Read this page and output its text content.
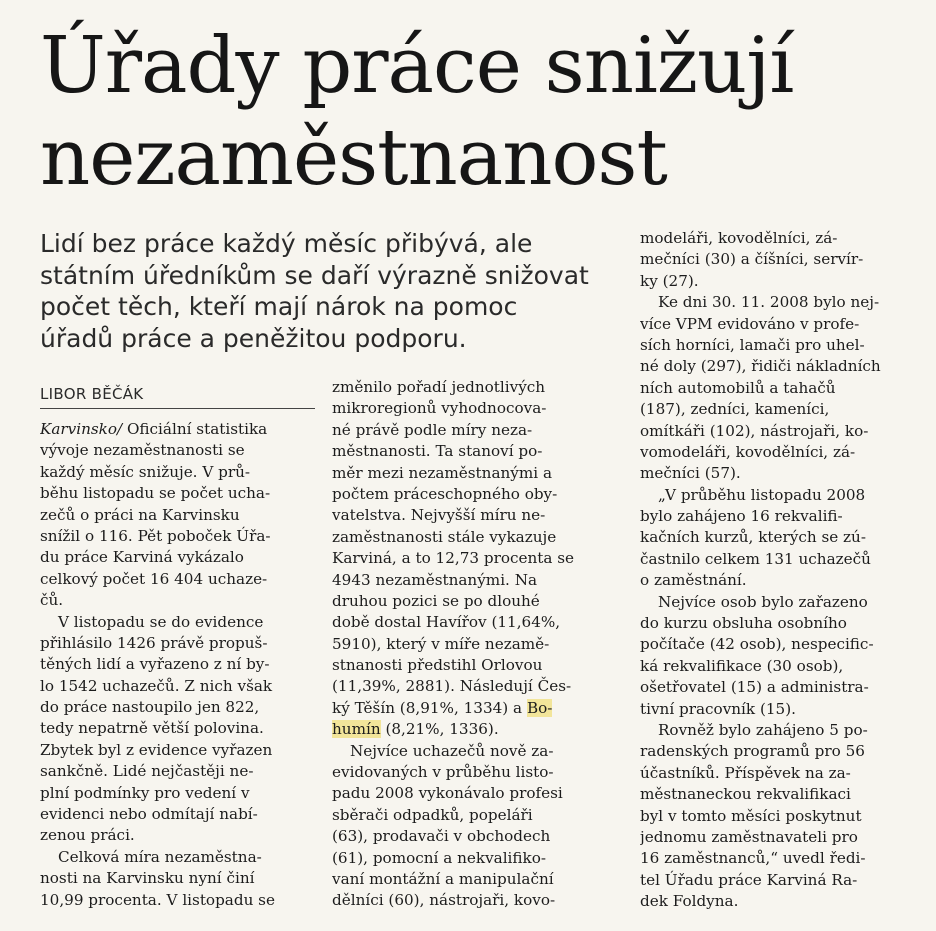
Úřady práce snižují
nezaměstnanost
Lidí bez práce každý měsíc přibývá, ale
státním úředníkům se daří výrazně snižovat
počet těch, kteří mají nárok na pomoc
úřadů práce a peněžitou podporu.
LIBOR BĚČÁK
Karvinsko/ Oficiální statistika
vývoje nezaměstnanosti se
každý měsíc snižuje. V prů-
běhu listopadu se počet ucha-
zečů o práci na Karvinsku
snížil o 116. Pět poboček Úřa-
du práce Karviná vykázalo
celkový počet 16 404 uchaze-
čů.
V listopadu se do evidence
přihlásilo 1426 právě propuš-
těných lidí a vyřazeno z ní by-
lo 1542 uchazečů. Z nich však
do práce nastoupilo jen 822,
tedy nepatrně větší polovina.
Zbytek byl z evidence vyřazen
sankčně. Lidé nejčastěji ne-
plní podmínky pro vedení v
evidenci nebo odmítají nabí-
zenou práci.
Celková míra nezaměstna-
nosti na Karvinsku nyní činí
10,99 procenta. V listopadu se
změnilo pořadí jednotlivých
mikroregionů vyhodnocova-
né právě podle míry neza-
městnanosti. Ta stanoví po-
měr mezi nezaměstnanými a
počtem práceschopného oby-
vatelstva. Nejvyšší míru ne-
zaměstnanosti stále vykazuje
Karviná, a to 12,73 procenta se
4943 nezaměstnanými. Na
druhou pozici se po dlouhé
době dostal Havířov (11,64%,
5910), který v míře nezamě-
stnanosti předstihl Orlovou
(11,39%, 2881). Následují Čes-
ký Těšín (8,91%, 1334) a Bo-
humín (8,21%, 1336).
Nejvíce uchazečů nově za-
evidovaných v průběhu listo-
padu 2008 vykonávalo profesi
sběrači odpadků, popeláři
(63), prodavači v obchodech
(61), pomocní a nekvalifiko-
vaní montážní a manipulační
dělníci (60), nástrojaři, kovo-
modeláři, kovodělníci, zá-
mečníci (30) a číšníci, servír-
ky (27).
Ke dni 30. 11. 2008 bylo nej-
více VPM evidováno v profe-
sích horníci, lamači pro uhel-
né doly (297), řidiči nákladních
ních automobilů a tahačů
(187), zedníci, kameníci,
omítkáři (102), nástrojaři, ko-
vomodeláři, kovodělníci, zá-
mečníci (57).
„V průběhu listopadu 2008
bylo zahájeno 16 rekvalifi-
kačních kurzů, kterých se zú-
častnilo celkem 131 uchazečů
o zaměstnání.
Nejvíce osob bylo zařazeno
do kurzu obsluha osobního
počítače (42 osob), nespecific-
ká rekvalifikace (30 osob),
ošetřovatel (15) a administra-
tivní pracovník (15).
Rovněž bylo zahájeno 5 po-
radenských programů pro 56
účastníků. Příspěvek na za-
městnaneckou rekvalifikaci
byl v tomto měsíci poskytnut
jednomu zaměstnavateli pro
16 zaměstnanců,“ uvedl ředi-
tel Úřadu práce Karviná Ra-
dek Foldyna.
